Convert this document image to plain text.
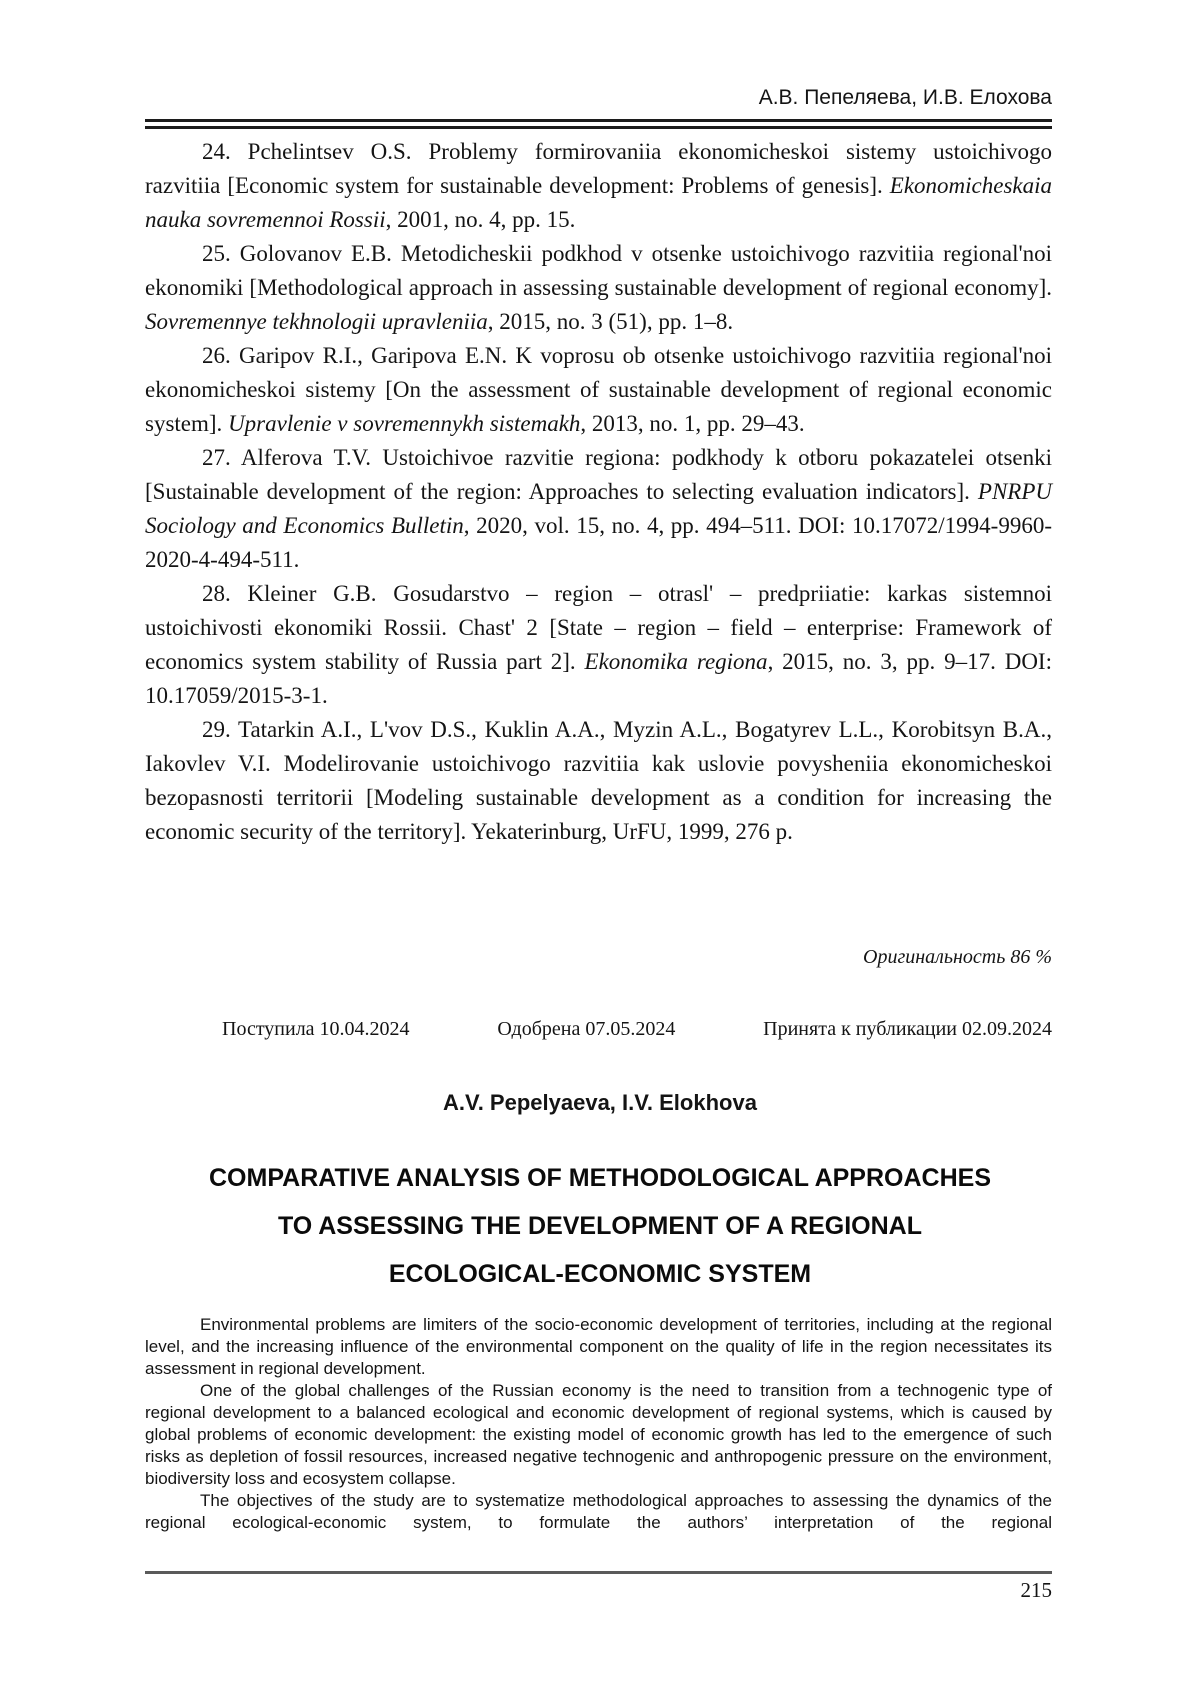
А.В. Пепеляева, И.В. Елохова

24. Pchelintsev O.S. Problemy formirovaniia ekonomicheskoi sistemy ustoichivogo razvitiia [Economic system for sustainable development: Problems of genesis]. Ekonomicheskaia nauka sovremennoi Rossii, 2001, no. 4, pp. 15.

25. Golovanov E.B. Metodicheskii podkhod v otsenke ustoichivogo razvitiia regional'noi ekonomiki [Methodological approach in assessing sustainable development of regional economy]. Sovremennye tekhnologii upravleniia, 2015, no. 3 (51), pp. 1–8.

26. Garipov R.I., Garipova E.N. K voprosu ob otsenke ustoichivogo razvitiia regional'noi ekonomicheskoi sistemy [On the assessment of sustainable development of regional economic system]. Upravlenie v sovremennykh sistemakh, 2013, no. 1, pp. 29–43.

27. Alferova T.V. Ustoichivoe razvitie regiona: podkhody k otboru pokazatelei otsenki [Sustainable development of the region: Approaches to selecting evaluation indicators]. PNRPU Sociology and Economics Bulletin, 2020, vol. 15, no. 4, pp. 494–511. DOI: 10.17072/1994-9960-2020-4-494-511.

28. Kleiner G.B. Gosudarstvo – region – otrasl' – predpriiatie: karkas sistemnoi ustoichivosti ekonomiki Rossii. Chast' 2 [State – region – field – enterprise: Framework of economics system stability of Russia part 2]. Ekonomika regiona, 2015, no. 3, pp. 9–17. DOI: 10.17059/2015-3-1.

29. Tatarkin A.I., L'vov D.S., Kuklin A.A., Myzin A.L., Bogatyrev L.L., Korobitsyn B.A., Iakovlev V.I. Modelirovanie ustoichivogo razvitiia kak uslovie povysheniia ekonomicheskoi bezopasnosti territorii [Modeling sustainable development as a condition for increasing the economic security of the territory]. Yekaterinburg, UrFU, 1999, 276 p.

Оригинальность 86 %
Поступила 10.04.2024	Одобрена 07.05.2024	Принята к публикации 02.09.2024
A.V. Pepelyaeva, I.V. Elokhova
COMPARATIVE ANALYSIS OF METHODOLOGICAL APPROACHES
TO ASSESSING THE DEVELOPMENT OF A REGIONAL
ECOLOGICAL-ECONOMIC SYSTEM

Environmental problems are limiters of the socio-economic development of territories, including at the regional level, and the increasing influence of the environmental component on the quality of life in the region necessitates its assessment in regional development.

One of the global challenges of the Russian economy is the need to transition from a technogenic type of regional development to a balanced ecological and economic development of regional systems, which is caused by global problems of economic development: the existing model of economic growth has led to the emergence of such risks as depletion of fossil resources, increased negative technogenic and anthropogenic pressure on the environment, biodiversity loss and ecosystem collapse.

The objectives of the study are to systematize methodological approaches to assessing the dynamics of the regional ecological-economic system, to formulate the authors’ interpretation of the regional

215
